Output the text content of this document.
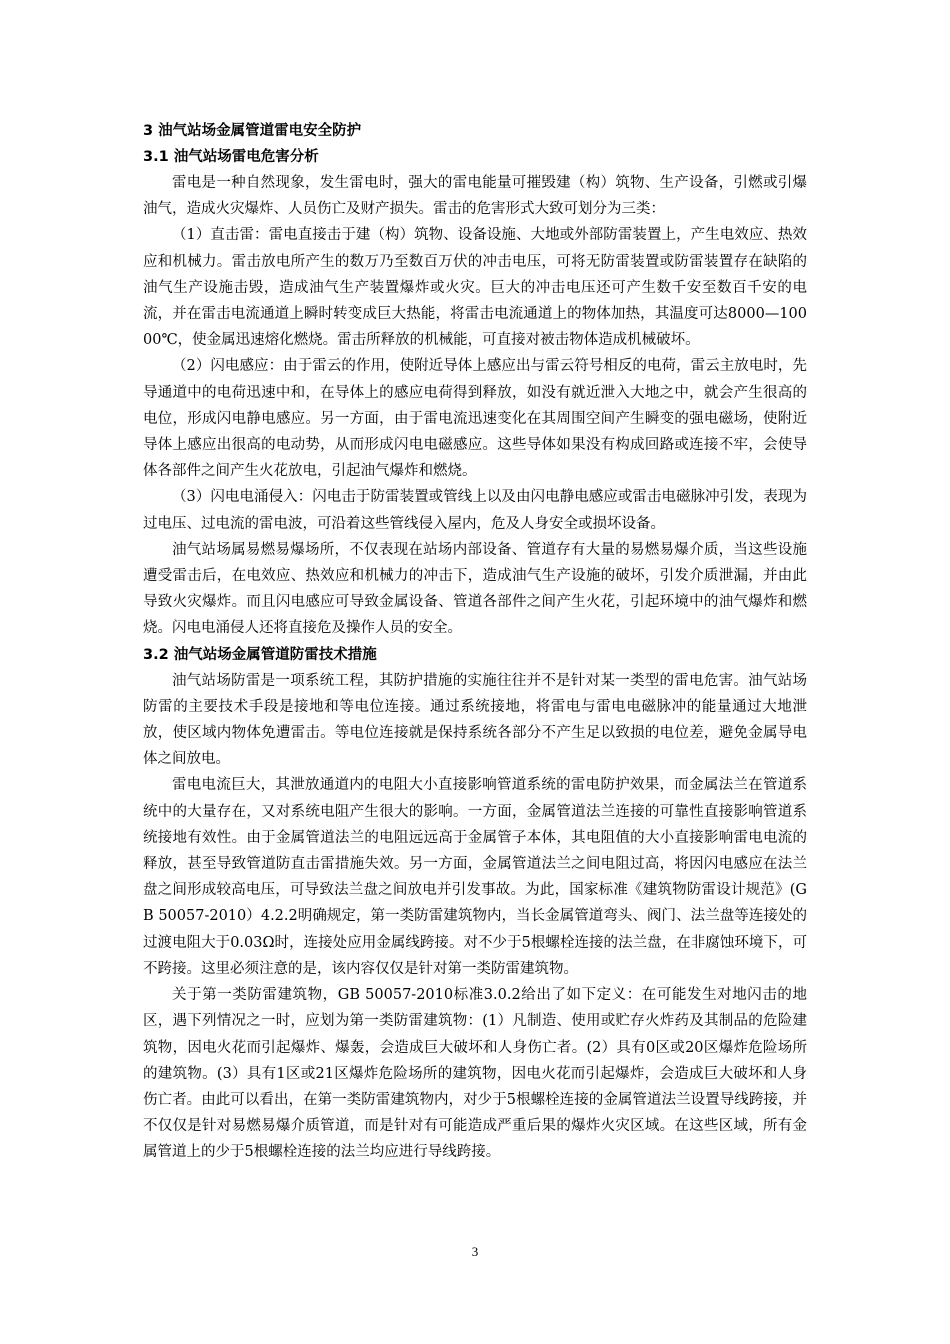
3 油气站场金属管道雷电安全防护
3.1 油气站场雷电危害分析

雷电是一种自然现象，发生雷电时，强大的雷电能量可摧毁建（构）筑物、生产设备，引燃或引爆油气，造成火灾爆炸、人员伤亡及财产损失。雷击的危害形式大致可划分为三类：

（1）直击雷：雷电直接击于建（构）筑物、设备设施、大地或外部防雷装置上，产生电效应、热效应和机械力。雷击放电所产生的数万乃至数百万伏的冲击电压，可将无防雷装置或防雷装置存在缺陷的油气生产设施击毁，造成油气生产装置爆炸或火灾。巨大的冲击电压还可产生数千安至数百千安的电流，并在雷击电流通道上瞬时转变成巨大热能，将雷击电流通道上的物体加热，其温度可达8000—10000℃，使金属迅速熔化燃烧。雷击所释放的机械能，可直接对被击物体造成机械破坏。

（2）闪电感应：由于雷云的作用，使附近导体上感应出与雷云符号相反的电荷，雷云主放电时，先导通道中的电荷迅速中和，在导体上的感应电荷得到释放，如没有就近泄入大地之中，就会产生很高的电位，形成闪电静电感应。另一方面，由于雷电流迅速变化在其周围空间产生瞬变的强电磁场，使附近导体上感应出很高的电动势，从而形成闪电电磁感应。这些导体如果没有构成回路或连接不牢，会使导体各部件之间产生火花放电，引起油气爆炸和燃烧。

（3）闪电电涌侵入：闪电击于防雷装置或管线上以及由闪电静电感应或雷击电磁脉冲引发，表现为过电压、过电流的雷电波，可沿着这些管线侵入屋内，危及人身安全或损坏设备。

油气站场属易燃易爆场所，不仅表现在站场内部设备、管道存有大量的易燃易爆介质，当这些设施遭受雷击后，在电效应、热效应和机械力的冲击下，造成油气生产设施的破坏，引发介质泄漏，并由此导致火灾爆炸。而且闪电感应可导致金属设备、管道各部件之间产生火花，引起环境中的油气爆炸和燃烧。闪电电涌侵人还将直接危及操作人员的安全。

3.2 油气站场金属管道防雷技术措施

油气站场防雷是一项系统工程，其防护措施的实施往往并不是针对某一类型的雷电危害。油气站场防雷的主要技术手段是接地和等电位连接。通过系统接地，将雷电与雷电电磁脉冲的能量通过大地泄放，使区域内物体免遭雷击。等电位连接就是保持系统各部分不产生足以致损的电位差，避免金属导电体之间放电。

雷电电流巨大，其泄放通道内的电阻大小直接影响管道系统的雷电防护效果，而金属法兰在管道系统中的大量存在，又对系统电阻产生很大的影响。一方面，金属管道法兰连接的可靠性直接影响管道系统接地有效性。由于金属管道法兰的电阻远远高于金属管子本体，其电阻值的大小直接影响雷电电流的释放，甚至导致管道防直击雷措施失效。另一方面，金属管道法兰之间电阻过高，将因闪电感应在法兰盘之间形成较高电压，可导致法兰盘之间放电并引发事故。为此，国家标准《建筑物防雷设计规范》(GB 50057-2010）4.2.2明确规定，第一类防雷建筑物内，当长金属管道弯头、阀门、法兰盘等连接处的过渡电阻大于0.03Ω时，连接处应用金属线跨接。对不少于5根螺栓连接的法兰盘，在非腐蚀环境下，可不跨接。这里必须注意的是，该内容仅仅是针对第一类防雷建筑物。

关于第一类防雷建筑物，GB 50057-2010标准3.0.2给出了如下定义：在可能发生对地闪击的地区，遇下列情况之一时，应划为第一类防雷建筑物：(1）凡制造、使用或贮存火炸药及其制品的危险建筑物，因电火花而引起爆炸、爆轰，会造成巨大破坏和人身伤亡者。(2）具有0区或20区爆炸危险场所的建筑物。(3）具有1区或21区爆炸危险场所的建筑物，因电火花而引起爆炸，会造成巨大破坏和人身伤亡者。由此可以看出，在第一类防雷建筑物内，对少于5根螺栓连接的金属管道法兰设置导线跨接，并不仅仅是针对易燃易爆介质管道，而是针对有可能造成严重后果的爆炸火灾区域。在这些区域，所有金属管道上的少于5根螺栓连接的法兰均应进行导线跨接。

3
